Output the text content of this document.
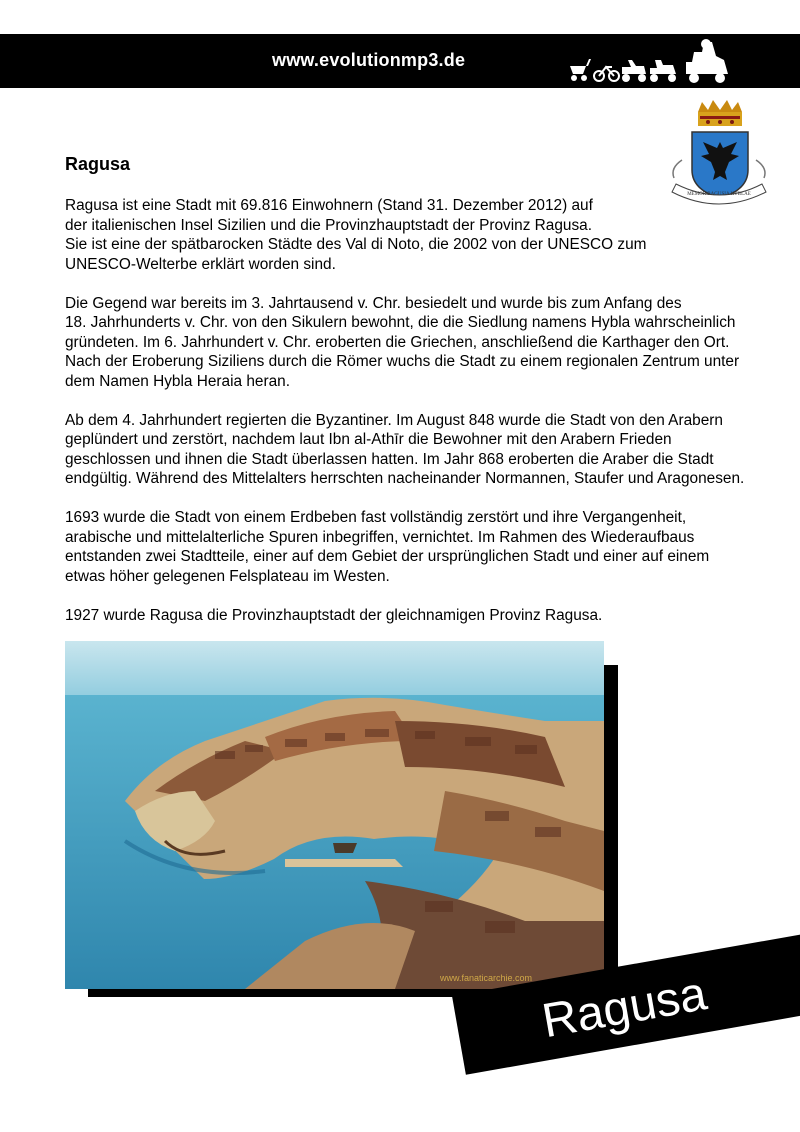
www.evolutionmp3.de
MEMOR RAGUSIA HYBLAE
Ragusa

Ragusa ist eine Stadt mit 69.816 Einwohnern (Stand 31. Dezember 2012) auf
der italienischen Insel Sizilien und die Provinzhauptstadt der Provinz Ragusa.
Sie ist eine der spätbarocken Städte des Val di Noto, die 2002 von der UNESCO zum
UNESCO-Welterbe erklärt worden sind.

Die Gegend war bereits im 3. Jahrtausend v. Chr. besiedelt und wurde bis zum Anfang des
18. Jahrhunderts v. Chr. von den Sikulern bewohnt, die die Siedlung namens Hybla wahrscheinlich
gründeten. Im 6. Jahrhundert v. Chr. eroberten die Griechen, anschließend die Karthager den Ort.
Nach der Eroberung Siziliens durch die Römer wuchs die Stadt zu einem regionalen Zentrum unter
dem Namen Hybla Heraia heran.

Ab dem 4. Jahrhundert regierten die Byzantiner. Im August 848 wurde die Stadt von den Arabern
geplündert und zerstört, nachdem laut Ibn al-Athīr die Bewohner mit den Arabern Frieden
geschlossen und ihnen die Stadt überlassen hatten. Im Jahr 868 eroberten die Araber die Stadt
endgültig. Während des Mittelalters herrschten nacheinander Normannen, Staufer und Aragonesen.

1693 wurde die Stadt von einem Erdbeben fast vollständig zerstört und ihre Vergangenheit,
arabische und mittelalterliche Spuren inbegriffen, vernichtet. Im Rahmen des Wiederaufbaus
entstanden zwei Stadtteile, einer auf dem Gebiet der ursprünglichen Stadt und einer auf einem
etwas höher gelegenen Felsplateau im Westen.

1927 wurde Ragusa die Provinzhauptstadt der gleichnamigen Provinz Ragusa.

www.fanaticarchie.com Ragusa
